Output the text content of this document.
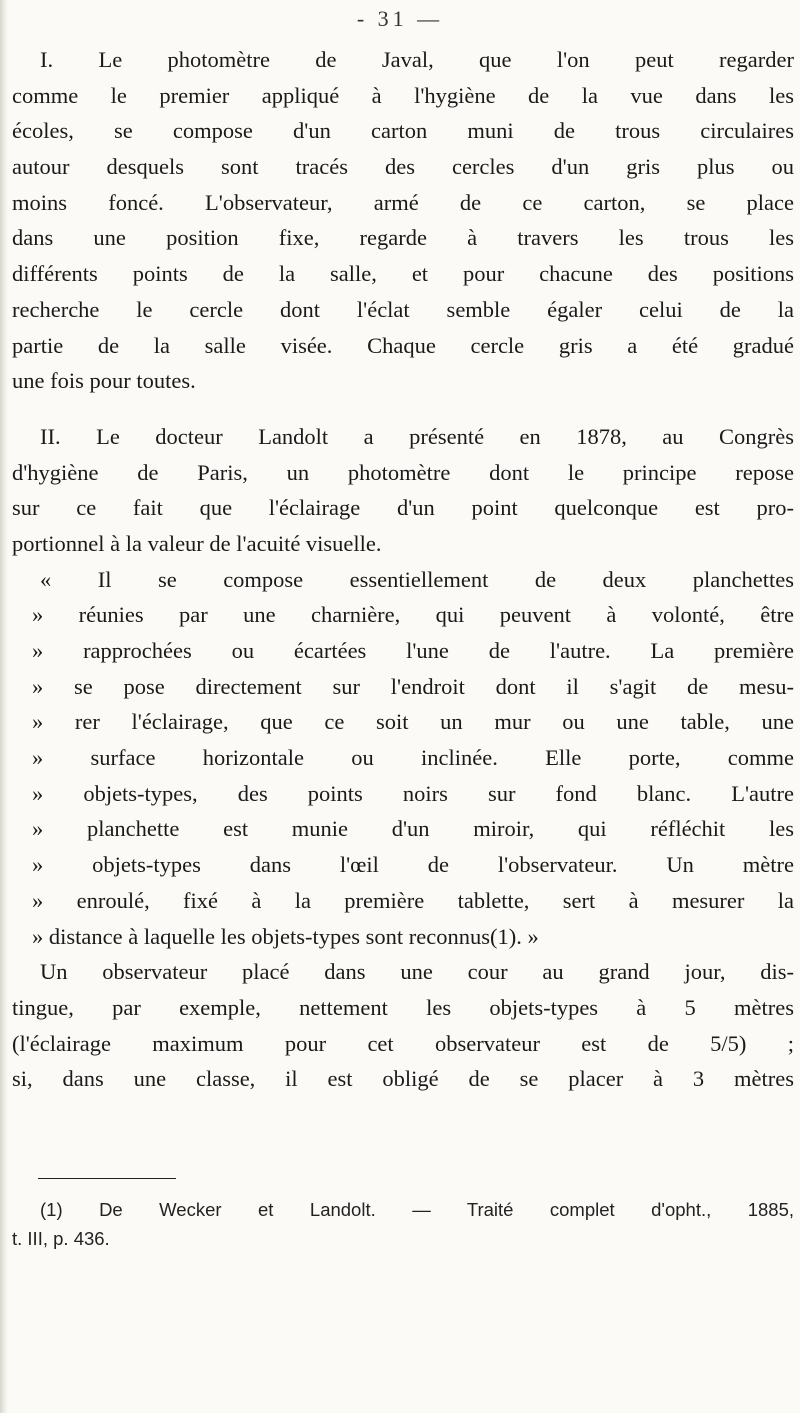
- 31 —
I. Le photomètre de Javal, que l'on peut regarder
comme le premier appliqué à l'hygiène de la vue dans les
écoles, se compose d'un carton muni de trous circulaires
autour desquels sont tracés des cercles d'un gris plus ou
moins foncé. L'observateur, armé de ce carton, se place
dans une position fixe, regarde à travers les trous les
différents points de la salle, et pour chacune des positions
recherche le cercle dont l'éclat semble égaler celui de la
partie de la salle visée. Chaque cercle gris a été gradué
une fois pour toutes.
II. Le docteur Landolt a présenté en 1878, au Congrès
d'hygiène de Paris, un photomètre dont le principe repose
sur ce fait que l'éclairage d'un point quelconque est pro-
portionnel à la valeur de l'acuité visuelle.
« Il se compose essentiellement de deux planchettes
» réunies par une charnière, qui peuvent à volonté, être
» rapprochées ou écartées l'une de l'autre. La première
» se pose directement sur l'endroit dont il s'agit de mesu-
» rer l'éclairage, que ce soit un mur ou une table, une
» surface horizontale ou inclinée. Elle porte, comme
» objets-types, des points noirs sur fond blanc. L'autre
» planchette est munie d'un miroir, qui réfléchit les
» objets-types dans l'œil de l'observateur. Un mètre
» enroulé, fixé à la première tablette, sert à mesurer la
» distance à laquelle les objets-types sont reconnus(1). »
Un observateur placé dans une cour au grand jour, dis-
tingue, par exemple, nettement les objets-types à 5 mètres
(l'éclairage maximum pour cet observateur est de 5/5) ;
si, dans une classe, il est obligé de se placer à 3 mètres
(1) De Wecker et Landolt. — Traité complet d'opht., 1885,
t. III, p. 436.
